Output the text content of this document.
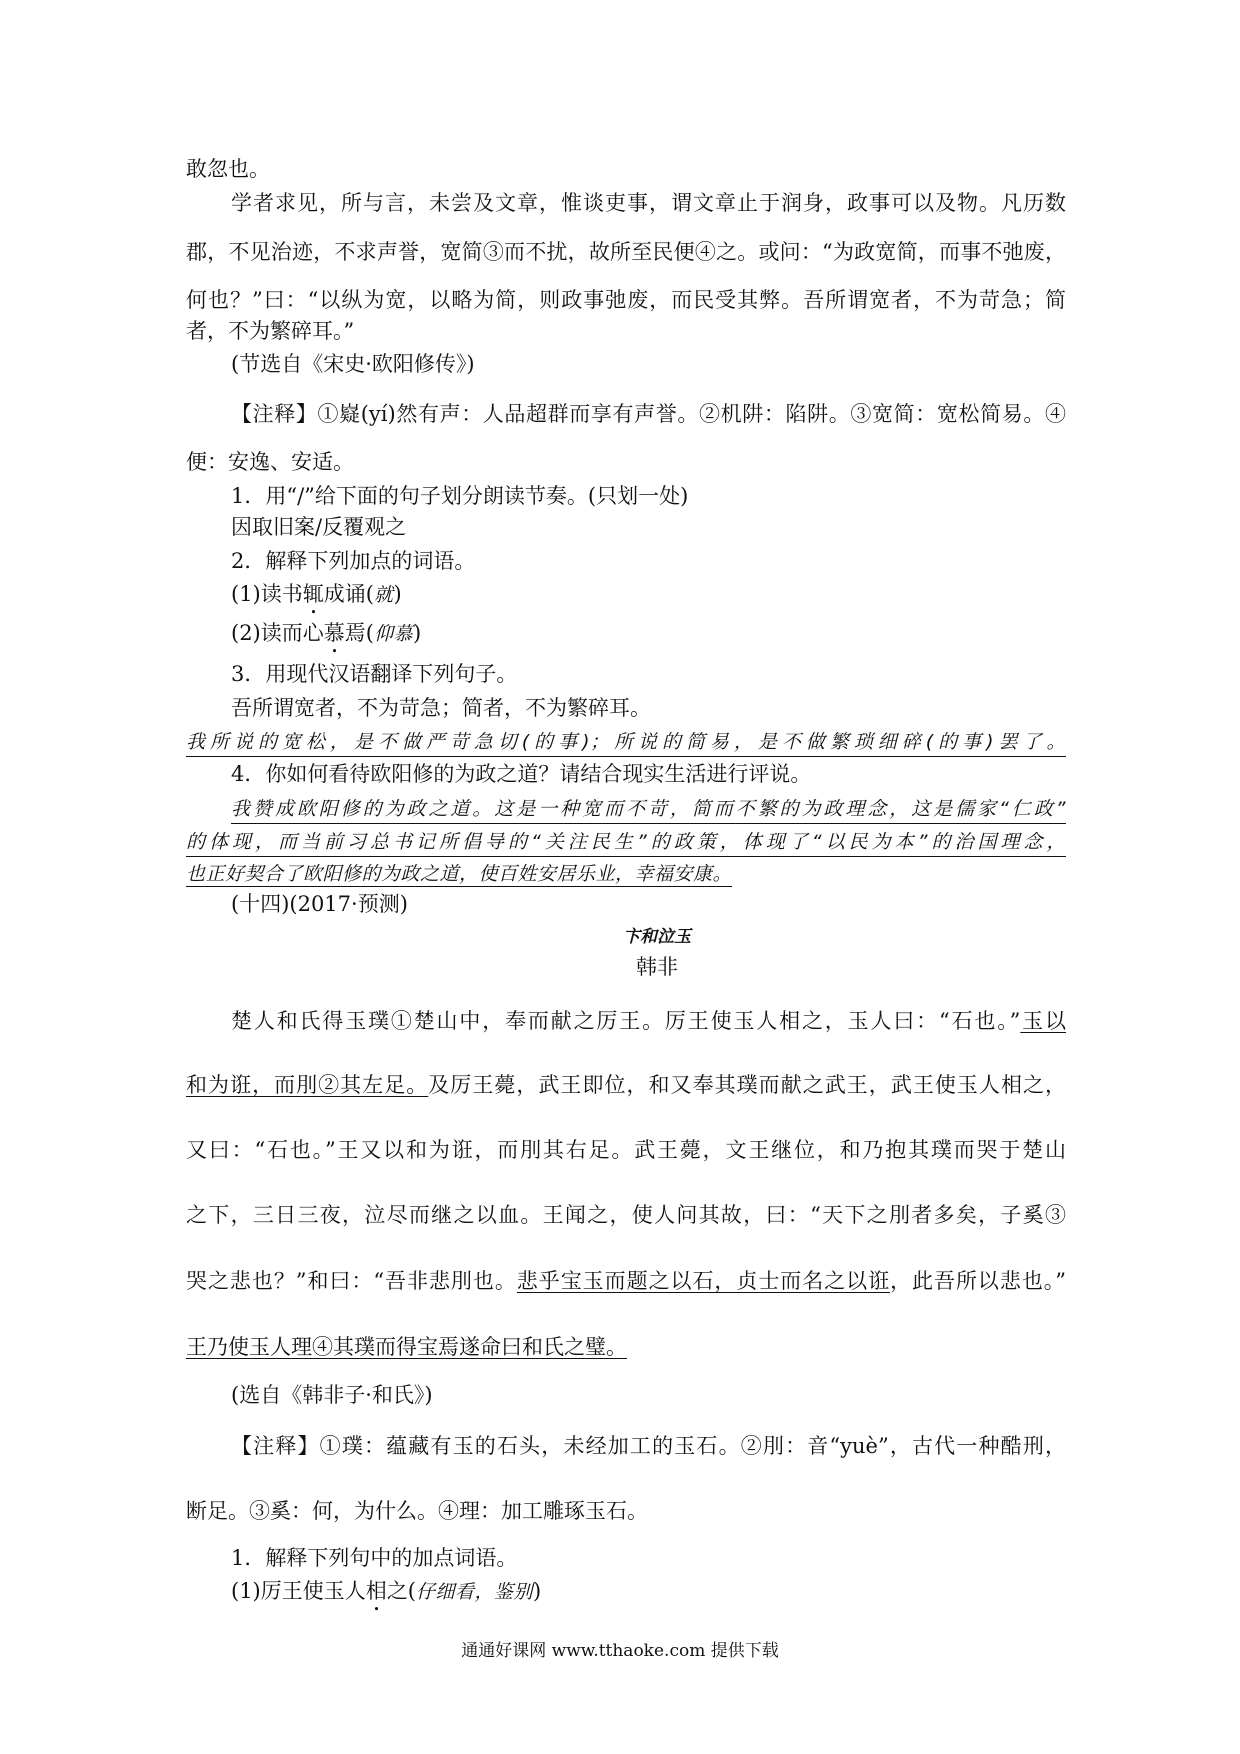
敢忽也。
学者求见，所与言，未尝及文章，惟谈吏事，谓文章止于润身，政事可以及物。凡历数
郡，不见治迹，不求声誉，宽简③而不扰，故所至民便④之。或问：“为政宽简，而事不弛废，
何也？”曰：“以纵为宽，以略为简，则政事弛废，而民受其弊。吾所谓宽者，不为苛急；简
者，不为繁碎耳。”
(节选自《宋史·欧阳修传》)
【注释】①嶷(yí)然有声：人品超群而享有声誉。②机阱：陷阱。③宽简：宽松简易。④
便：安逸、安适。
1．用“/”给下面的句子划分朗读节奏。(只划一处)
因取旧案/反覆观之
2．解释下列加点的词语。
(1)读书辄成诵(就)
(2)读而心慕焉(仰慕)
3．用现代汉语翻译下列句子。
吾所谓宽者，不为苛急；简者，不为繁碎耳。
我所说的宽松，是不做严苛急切(的事)；所说的简易，是不做繁琐细碎(的事)罢了。
4．你如何看待欧阳修的为政之道？请结合现实生活进行评说。
我赞成欧阳修的为政之道。这是一种宽而不苛，简而不繁的为政理念，这是儒家“仁政”
的体现，而当前习总书记所倡导的“关注民生”的政策，体现了“以民为本”的治国理念，
也正好契合了欧阳修的为政之道，使百姓安居乐业，幸福安康。
(十四)(2017·预测)
卞和泣玉
韩非
楚人和氏得玉璞①楚山中，奉而献之厉王。厉王使玉人相之，玉人曰：“石也。”玉以
和为诳，而刖②其左足。及厉王薨，武王即位，和又奉其璞而献之武王，武王使玉人相之，
又曰：“石也。”王又以和为诳，而刖其右足。武王薨，文王继位，和乃抱其璞而哭于楚山
之下，三日三夜，泣尽而继之以血。王闻之，使人问其故，曰：“天下之刖者多矣，子奚③
哭之悲也？”和曰：“吾非悲刖也。悲乎宝玉而题之以石，贞士而名之以诳，此吾所以悲也。”
王乃使玉人理④其璞而得宝焉遂命曰和氏之璧。
(选自《韩非子·和氏》)
【注释】①璞：蕴藏有玉的石头，未经加工的玉石。②刖：音“yuè”，古代一种酷刑，
断足。③奚：何，为什么。④理：加工雕琢玉石。
1．解释下列句中的加点词语。
(1)厉王使玉人相之(仔细看，鉴别)
通通好课网 www.tthaoke.com 提供下载
